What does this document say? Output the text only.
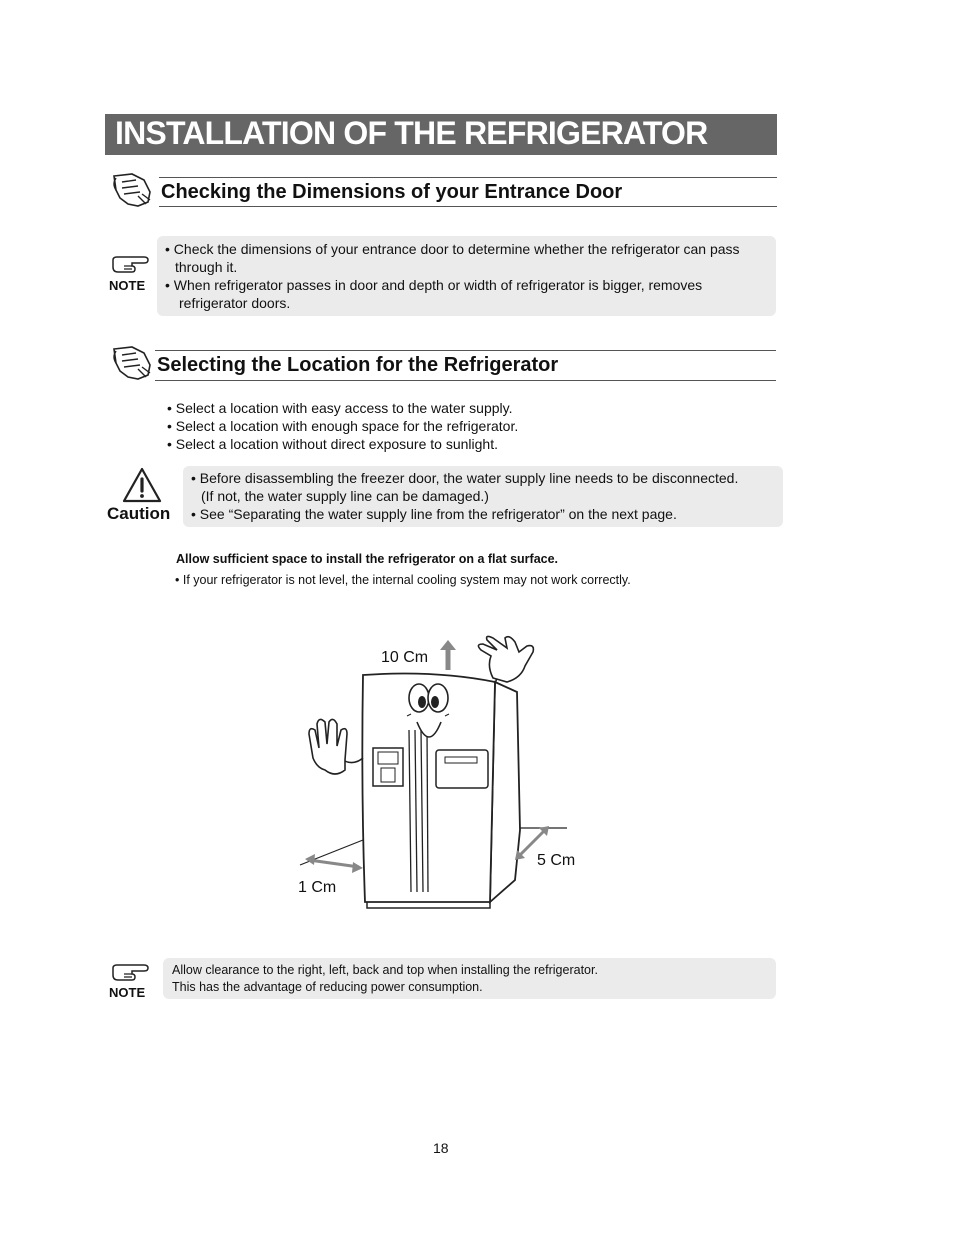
INSTALLATION OF THE REFRIGERATOR
Checking the Dimensions of your Entrance Door
NOTE

• Check the dimensions of your entrance door to determine whether the refrigerator can pass

through it.

• When refrigerator passes in door and depth or width of refrigerator is bigger, removes

refrigerator doors.

Selecting the Location for the Refrigerator

• Select a location with easy access to the water supply.

• Select a location with enough space for the refrigerator.

• Select a location without direct exposure to sunlight.

Caution

• Before disassembling the freezer door, the water supply line needs to be disconnected.

(If not, the water supply line can be damaged.)

• See “Separating the water supply line from the refrigerator” on the next page.

Allow sufficient space to install the refrigerator on a flat surface.
• If your refrigerator is not level, the internal cooling system may not work correctly.
10 Cm
1 Cm
5 Cm
NOTE

Allow clearance to the right, left, back and top when installing the refrigerator.

This has the advantage of reducing power consumption.

18
